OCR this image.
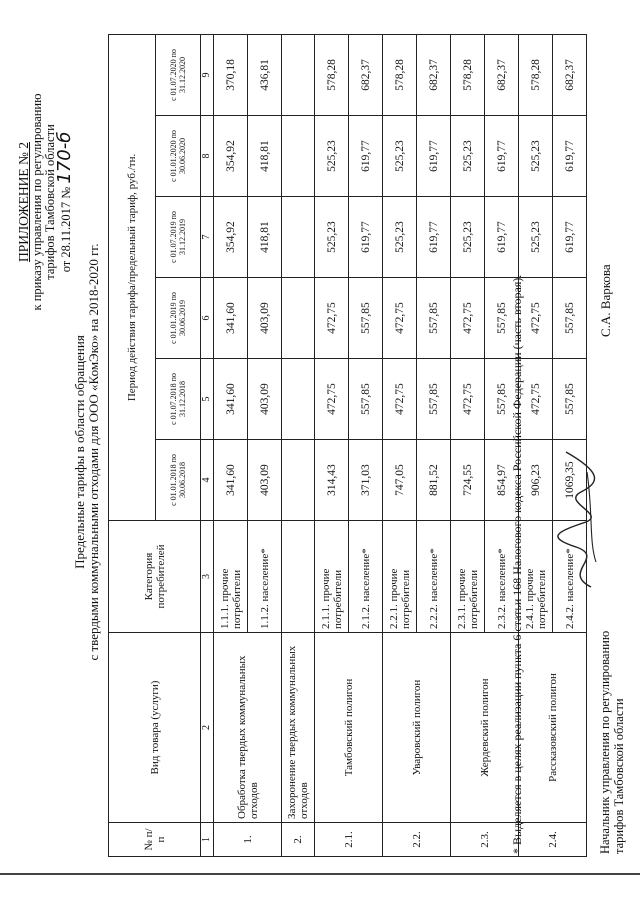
ПРИЛОЖЕНИЕ № 2
к приказу управления по регулированию тарифов Тамбовской области от 28.11.2017 № 170-б
Предельные тарифы в области обращения с твердыми коммунальными отходами для ООО «КомЭко» на 2018-2020 гг.
№ п/п	Вид товара (услуги)	Категория потребителей	Период действия тарифа/предельный тариф, руб./тн.					
			с 01.01.2018 по 30.06.2018	с 01.07.2018 по 31.12.2018	с 01.01.2019 по 30.06.2019	с 01.07.2019 по 31.12.2019	с 01.01.2020 по 30.06.2020	с 01.07.2020 по 31.12.2020
1	2	3	4	5	6	7	8	9
1.	Обработка твердых коммунальных отходов	1.1.1. прочие потребители	341,60	341,60	341,60	354,92	354,92	370,18
		1.1.2. население*	403,09	403,09	403,09	418,81	418,81	436,81
2.	Захоронение твердых коммунальных отходов							
2.1.	Тамбовский полигон	2.1.1. прочие потребители	314,43	472,75	472,75	525,23	525,23	578,28
		2.1.2. население*	371,03	557,85	557,85	619,77	619,77	682,37
2.2.	Уваровский полигон	2.2.1. прочие потребители	747,05	472,75	472,75	525,23	525,23	578,28
		2.2.2. население*	881,52	557,85	557,85	619,77	619,77	682,37
2.3.	Жердевский полигон	2.3.1. прочие потребители	724,55	472,75	472,75	525,23	525,23	578,28
		2.3.2. население*	854,97	557,85	557,85	619,77	619,77	682,37
2.4.	Рассказовский полигон	2.4.1. прочие потребители	906,23	472,75	472,75	525,23	525,23	578,28
		2.4.2. население*	1069,35	557,85	557,85	619,77	619,77	682,37
* Выделяется в целях реализации пункта 6 статьи 168 Налогового кодекса Российской Федерации (часть вторая).	Начальник управления по регулированию тарифов Тамбовской области
С.А. Варкова
